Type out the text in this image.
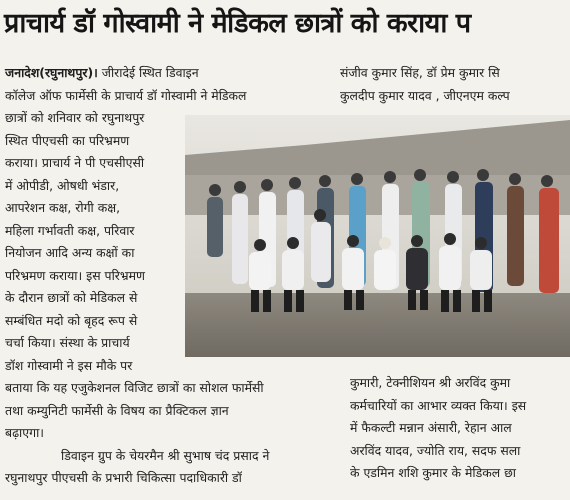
प्राचार्य डॉ गोस्वामी ने मेडिकल छात्रों को कराया प
जनादेश(रघुनाथपुर)। जीरादेई स्थित डिवाइन
कॉलेज ऑफ फार्मेसी के प्राचार्य डॉ गोस्वामी ने मेडिकल
छात्रों को शनिवार को रघुनाथपुर
स्थित पीएचसी का परिभ्रमण
कराया। प्राचार्य ने पी एचसीएसी
में ओपीडी, ओषधी भंडार,
आपरेशन कक्ष, रोगी कक्ष,
महिला गर्भावती कक्ष, परिवार
नियोजन आदि अन्य कक्षों का
परिभ्रमण कराया। इस परिभ्रमण
के दौरान छात्रों को मेडिकल से
सम्बंधित मदो को बृहद रूप से
चर्चा किया। संस्था के प्राचार्य
डॉश गोस्वामी ने इस मौके पर
बताया कि यह एजुकेशनल विजिट छात्रों का सोशल फार्मेसी
तथा कम्युनिटी फार्मेसी के विषय का प्रैक्टिकल ज्ञान
बढ़ाएगा।
डिवाइन ग्रुप के चेयरमैन श्री सुभाष चंद प्रसाद ने
रघुनाथपुर पीएचसी के प्रभारी चिकित्सा पदाधिकारी डॉ
संजीव कुमार सिंह, डॉ प्रेम कुमार सि
कुलदीप कुमार यादव , जीएनएम कल्प
कुमारी, टेक्नीशियन श्री अरविंद कुमा
कर्मचारियों का आभार व्यक्त किया। इस
में फैकल्टी मन्नान अंसारी, रेहान आल
अरविंद यादव, ज्योति राय, सदफ सला
के एडमिन शशि कुमार के मेडिकल छा
